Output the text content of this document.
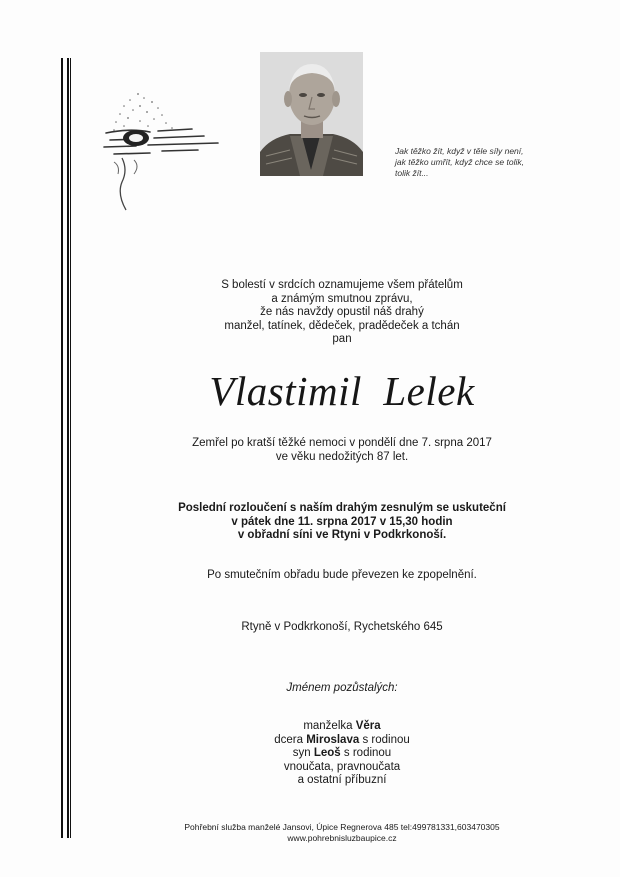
Jak těžko žít, když v těle síly není,
jak těžko umřít, když chce se tolik,
tolik žít...
S bolestí v srdcích oznamujeme všem přátelům
a známým smutnou zprávu,
že nás navždy opustil náš drahý
manžel, tatínek, dědeček, pradědeček a tchán
pan
Vlastimil  Lelek
Zemřel po kratší těžké nemoci v pondělí dne 7. srpna 2017
ve věku nedožitých 87 let.
Poslední rozloučení s naším drahým zesnulým se uskuteční
v pátek dne 11. srpna 2017 v 15,30 hodin
v obřadní síni ve Rtyni v Podkrkonoší.
Po smutečním obřadu bude převezen ke zpopelnění.
Rtyně v Podkrkonoší, Rychetského 645
Jménem pozůstalých:
manželka Věra
dcera Miroslava s rodinou
syn Leoš s rodinou
vnoučata, pravnoučata
a ostatní příbuzní
Pohřební služba manželé Jansovi, Úpice Regnerova 485 tel:499781331,603470305
www.pohrebnisluzbaupice.cz
